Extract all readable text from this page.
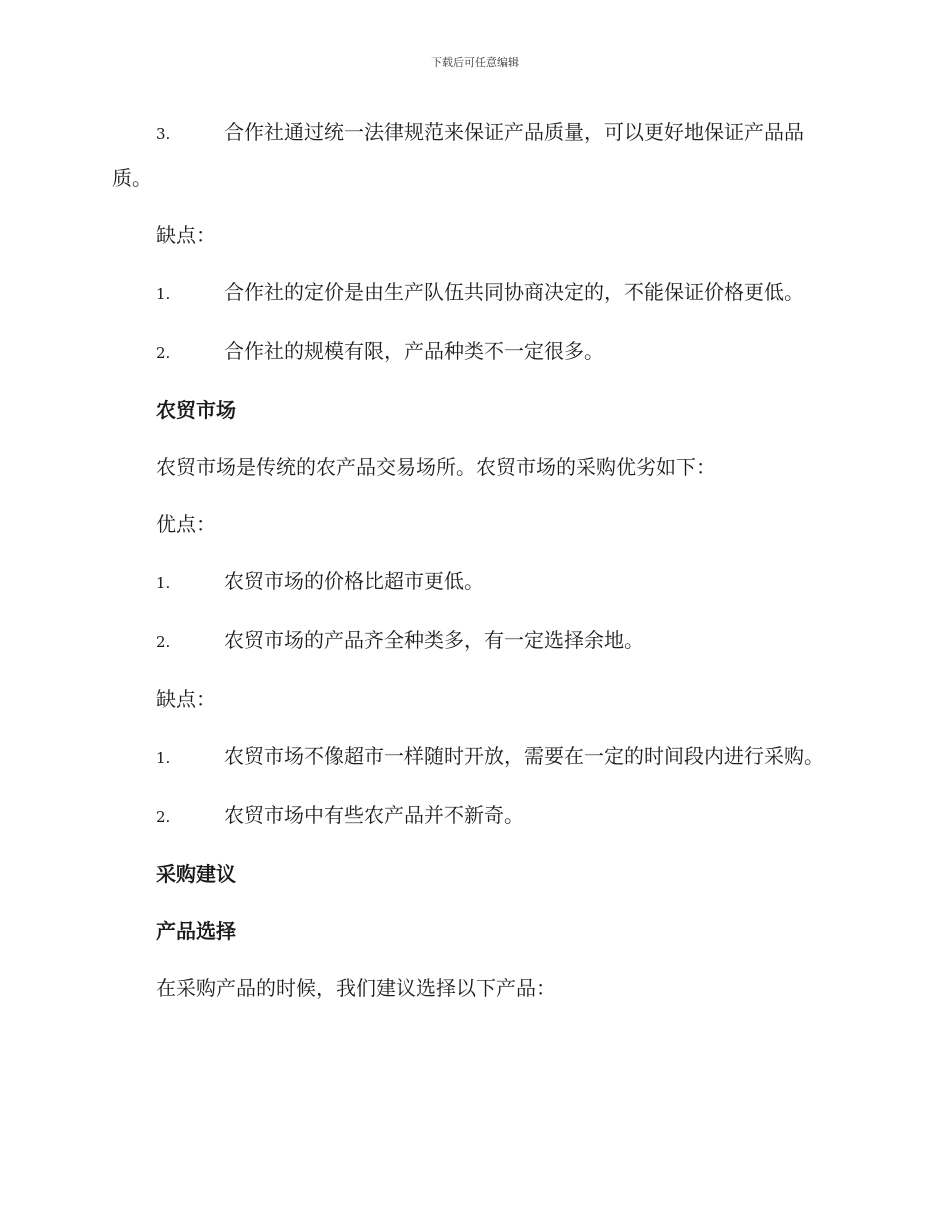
下载后可任意编辑
3.	合作社通过统一法律规范来保证产品质量，可以更好地保证产品品质。
缺点：
1.	合作社的定价是由生产队伍共同协商决定的，不能保证价格更低。
2.	合作社的规模有限，产品种类不一定很多。
农贸市场
农贸市场是传统的农产品交易场所。农贸市场的采购优劣如下：
优点：
1.	农贸市场的价格比超市更低。
2.	农贸市场的产品齐全种类多，有一定选择余地。
缺点：
1.	农贸市场不像超市一样随时开放，需要在一定的时间段内进行采购。
2.	农贸市场中有些农产品并不新奇。
采购建议
产品选择
在采购产品的时候，我们建议选择以下产品：
